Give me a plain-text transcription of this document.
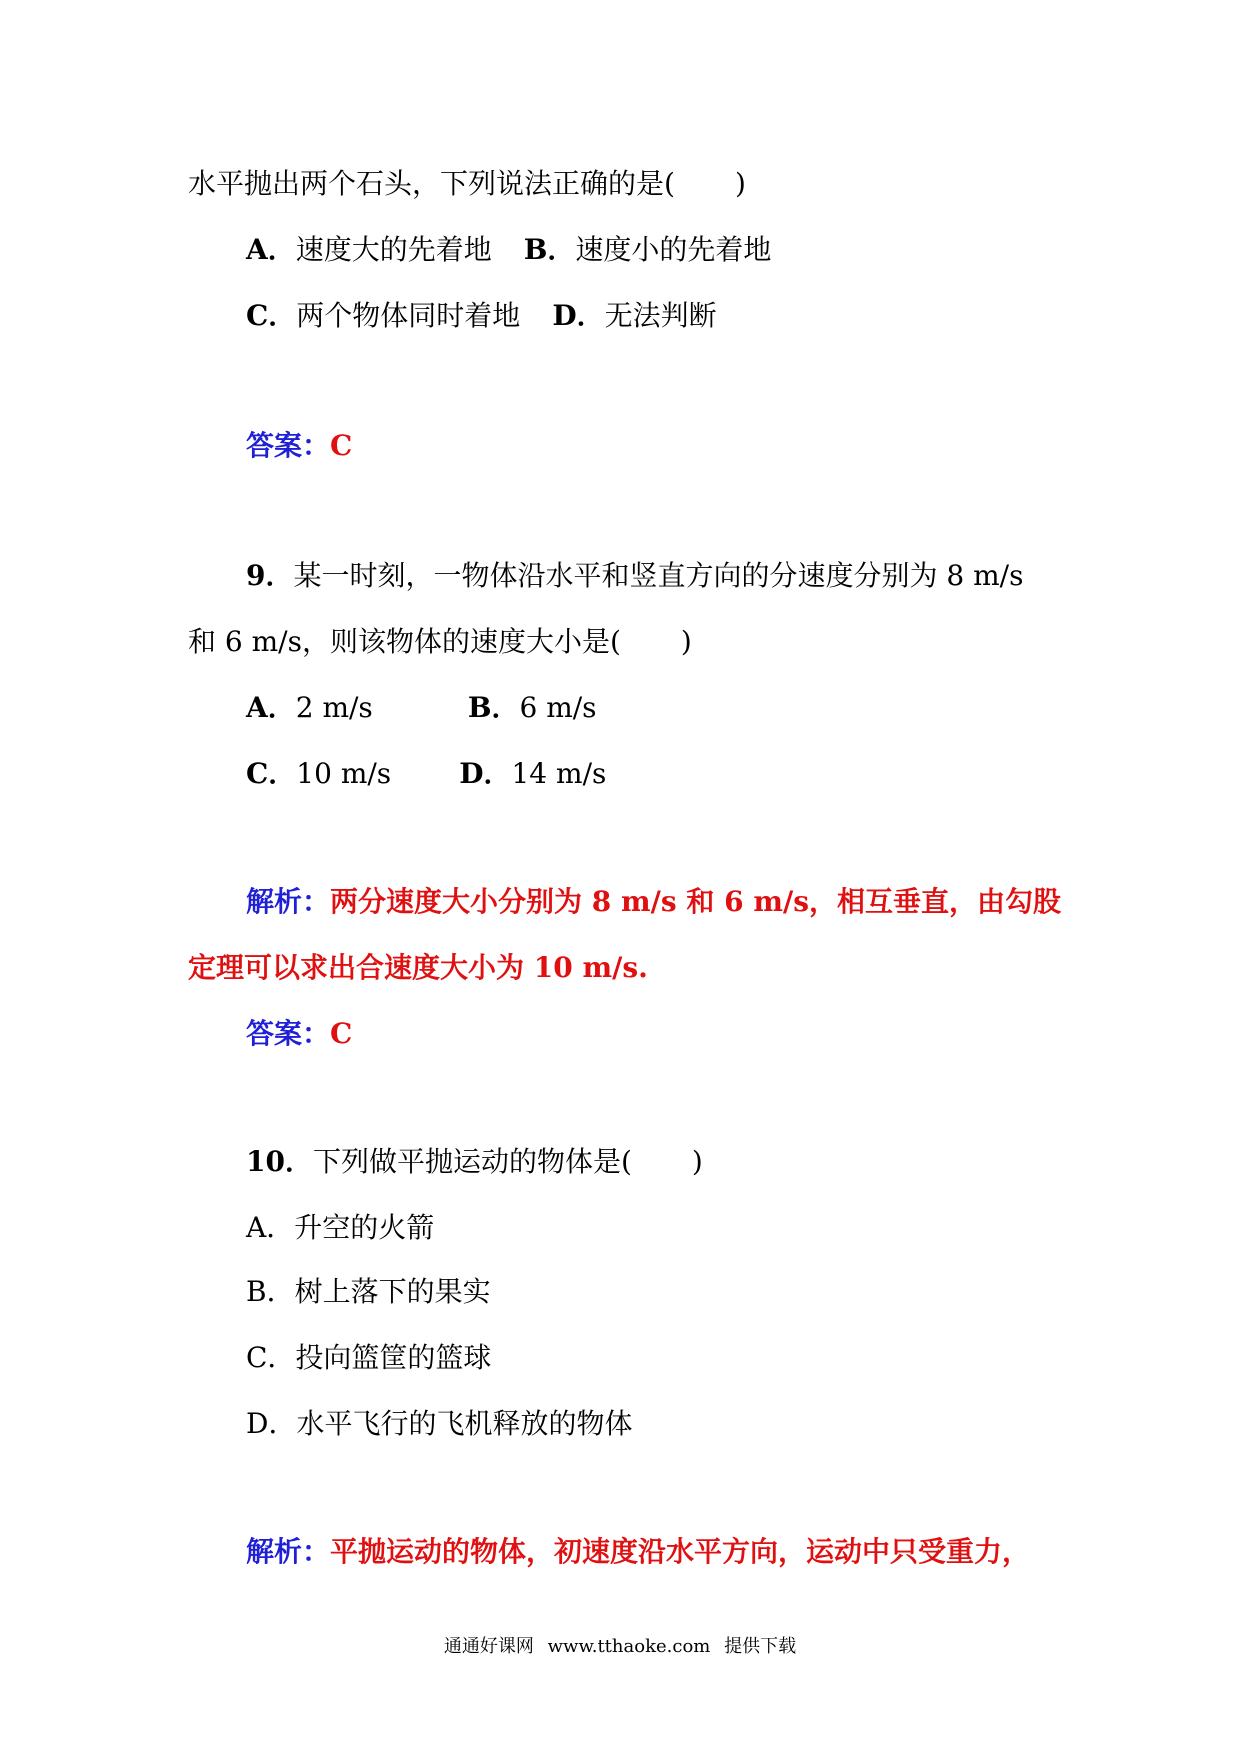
水平抛出两个石头，下列说法正确的是( )
A．速度大的先着地 B．速度小的先着地
C．两个物体同时着地 D．无法判断
答案：C
9．某一时刻，一物体沿水平和竖直方向的分速度分别为 8 m/s
和 6 m/s，则该物体的速度大小是( )
A．2 m/s	B．6 m/s
C．10 m/s D．14 m/s
解析：两分速度大小分别为 8 m/s 和 6 m/s，相互垂直，由勾股
定理可以求出合速度大小为 10 m/s.
答案：C
10．下列做平抛运动的物体是( )
A．升空的火箭
B．树上落下的果实
C．投向篮筐的篮球
D．水平飞行的飞机释放的物体
解析：平抛运动的物体，初速度沿水平方向，运动中只受重力，
通通好课网 www.tthaoke.com 提供下载
